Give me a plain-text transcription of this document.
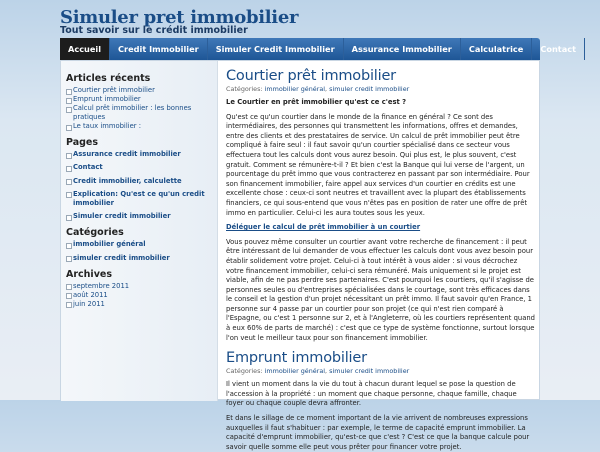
Simuler pret immobilier
Tout savoir sur le crédit immobilier
Accueil	Credit Immobilier	Simuler Credit Immobilier	Assurance Immobilier	Calculatrice	Contact
Articles récents
Courtier prêt immobilier
Emprunt immobilier
Calcul prêt immobilier : les bonnes pratiques
Le taux immobilier :
Pages
Assurance credit immobilier
Contact
Credit immobilier, calculette
Explication: Qu'est ce qu'un credit immobilier
Simuler credit immobilier
Catégories
immobilier général
simuler credit immobilier
Archives
septembre 2011
août 2011
juin 2011
Courtier prêt immobilier
Catégories: immobilier général, simuler credit immobilier
Le Courtier en prêt immobilier qu'est ce c'est ?
Qu'est ce qu'un courtier dans le monde de la finance en général ? Ce sont des intermédiaires, des personnes qui transmettent les informations, offres et demandes, entre des clients et des prestataires de service. Un calcul de prêt immobilier peut être compliqué à faire seul : il faut savoir qu'un courtier spécialisé dans ce secteur vous effectuera tout les calculs dont vous aurez besoin. Qui plus est, le plus souvent, c'est gratuit. Comment se rémunère-t-il ? Et bien c'est la Banque qui lui verse de l'argent, un pourcentage du prêt immo que vous contracterez en passant par son intermédiaire. Pour son financement immobilier, faire appel aux services d'un courtier en crédits est une excellente chose : ceux-ci sont neutres et travaillent avec la plupart des établissements financiers, ce qui sous-entend que vous n'êtes pas en position de rater une offre de prêt immo en particulier. Celui-ci les aura toutes sous les yeux.
Déléguer le calcul de prêt immobilier à un courtier
Vous pouvez même consulter un courtier avant votre recherche de financement : il peut être intéressant de lui demander de vous effectuer les calculs dont vous avez besoin pour établir solidement votre projet. Celui-ci à tout intérêt à vous aider : si vous décrochez votre financement immobilier, celui-ci sera rémunéré. Mais uniquement si le projet est viable, afin de ne pas perdre ses partenaires. C'est pourquoi les courtiers, qu'il s'agisse de personnes seules ou d'entreprises spécialisées dans le courtage, sont très efficaces dans le conseil et la gestion d'un projet nécessitant un prêt immo. Il faut savoir qu'en France, 1 personne sur 4 passe par un courtier pour son projet (ce qui n'est rien comparé à l'Espagne, ou c'est 1 personne sur 2, et à l'Angleterre, où les courtiers représentent quand à eux 60% de parts de marché) : c'est que ce type de système fonctionne, surtout lorsque l'on veut le meilleur taux pour son financement immobilier.
Emprunt immobilier
Catégories: immobilier général, simuler credit immobilier
Il vient un moment dans la vie du tout à chacun durant lequel se pose la question de l'accession à la propriété : un moment que chaque personne, chaque famille, chaque foyer ou chaque couple devra affronter.
Et dans le sillage de ce moment important de la vie arrivent de nombreuses expressions auxquelles il faut s'habituer : par exemple, le terme de capacité emprunt immobilier. La capacité d'emprunt immobilier, qu'est-ce que c'est ? C'est ce que la banque calcule pour savoir quelle somme elle peut vous prêter pour financer votre projet.
